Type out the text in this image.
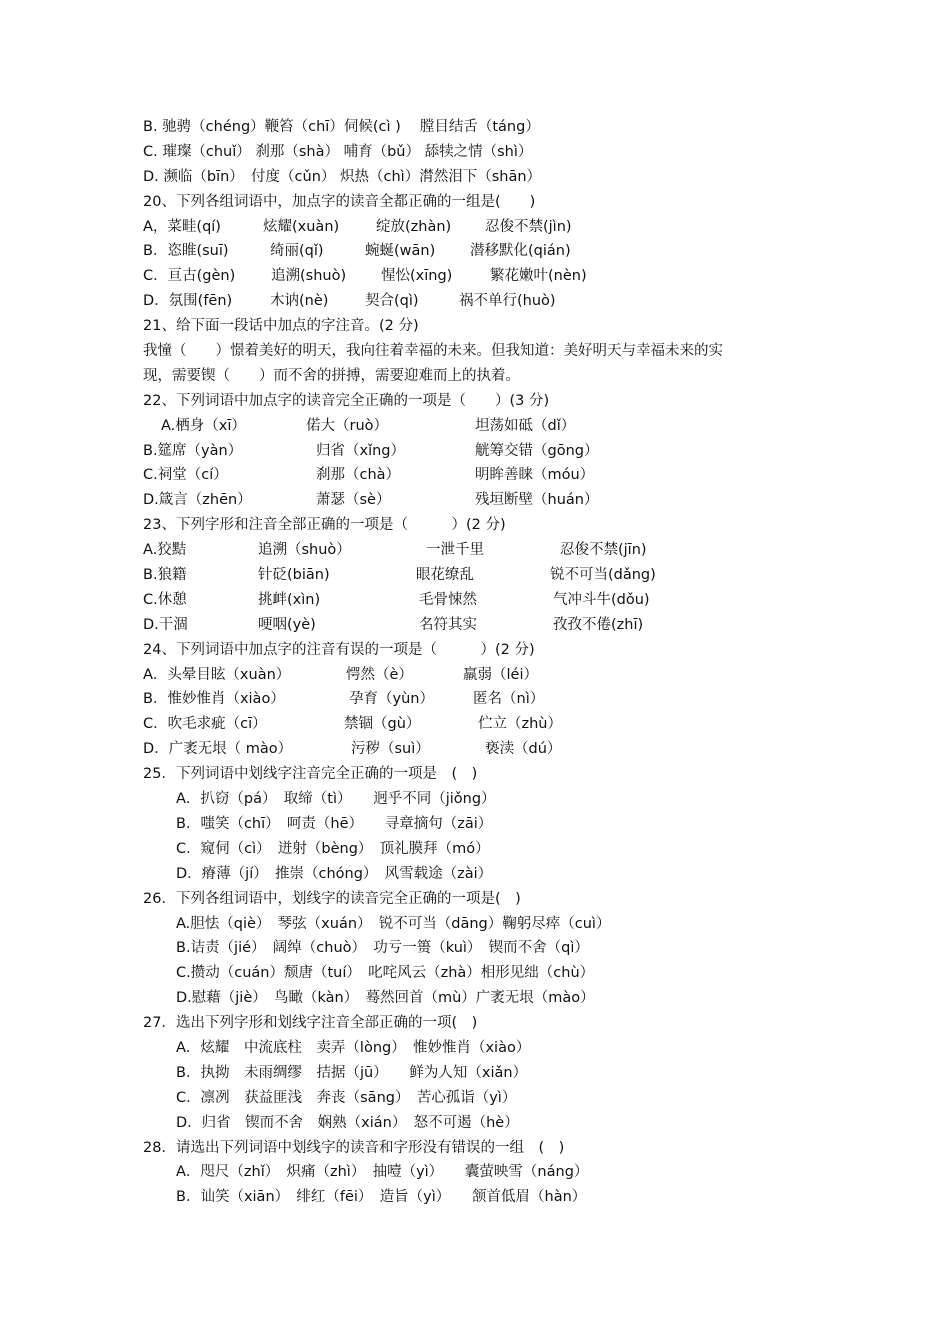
B. 驰骋（chéng）鞭笞（chī）伺候(cì )　 膛目结舌（táng）
C. 璀璨（chuǐ） 刹那（shà） 哺育（bǔ） 舔犊之情（shì）
D. 濒临（bīn）　付度（cǔn） 炽热（chì）潸然泪下（shān）
20、下列各组词语中，加点字的读音全都正确的一组是(　　)
A，菜畦(qí)	炫耀(xuàn)	绽放(zhàn) 忍俊不禁(jìn)
B．恣睢(suī)	绮丽(qǐ)	蜿蜒(wān) 潜移默化(qián)
C．亘古(gèn) 追溯(shuò) 惺忪(xīng)	繁花嫩叶(nèn)
D．氛围(fēn)	木讷(nè)	契合(qì)	祸不单行(huò)
21、给下面一段话中加点的字注音。(2 分)
我憧（　　）憬着美好的明天，我向往着幸福的未来。但我知道：美好明天与幸福未来的实
现，需要锲（　　）而不舍的拼搏，需要迎难而上的执着。
22、下列词语中加点字的读音完全正确的一项是（　　）(3 分)
A.栖身（xī）	偌大（ruò）	坦荡如砥（dǐ）
B.筵席（yàn）	归省（xǐng）	觥筹交错（gōng）
C.祠堂（cí）	刹那（chà）	明眸善睐（móu）
D.箴言（zhēn）	萧瑟（sè）	残垣断壁（huán）
23、下列字形和注音全部正确的一项是（　　　）(2 分)
A.狡黠	追溯（shuò）	一泄千里	忍俊不禁(jīn)
B.狼籍	针砭(biān)	眼花缭乱	锐不可当(dǎng)
C.休憩	挑衅(xìn)	毛骨悚然	气冲斗牛(dǒu)
D.干涸	哽咽(yè)	名符其实	孜孜不倦(zhī)
24、下列词语中加点字的注音有误的一项是（　　　）(2 分)
A．头晕目眩（xuàn）	愕然（è）	羸弱（léi）
B．惟妙惟肖（xiào）	孕育（yùn）	匿名（nì）
C．吹毛求疵（cī）	禁锢（gù）	伫立（zhù）
D．广袤无垠（ mào）	污秽（suì）	亵渎（dú）
25．下列词语中划线字注音完全正确的一项是　(　)
A．扒窃（pá）　取缔（tì）　　迥乎不同（jiǒng）
B．嗤笑（chī）　呵责（hē）　　寻章摘句（zāi）
C．窥伺（cì）　迸射（bèng）　顶礼膜拜（mó）
D．瘠薄（jí）　推崇（chóng）　风雪载途（zài）
26．下列各组词语中，划线字的读音完全正确的一项是(　)
A.胆怯（qiè）　琴弦（xuán）　锐不可当（dāng）鞠躬尽瘁（cuì）
B.诘责（jié）　阔绰（chuò）　功亏一篑（kuì）　锲而不舍（qì）
C.攒动（cuán）颓唐（tuí）　叱咤风云（zhà）相形见绌（chù）
D.慰藉（jiè）　鸟瞰（kàn）　蓦然回首（mù）广袤无垠（mào）
27．选出下列字形和划线字注音全部正确的一项(　)
A．炫耀　中流底柱　卖弄（lòng）　惟妙惟肖（xiào）
B．执拗　未雨绸缪　拮据（jū）　　鲜为人知（xiǎn）
C．凛冽　获益匪浅　奔丧（sāng）　苦心孤诣（yì）
D．归省　锲而不舍　娴熟（xián）　怒不可遏（hè）
28．请选出下列词语中划线字的读音和字形没有错误的一组　(　)
A．咫尺（zhǐ）　炽痛（zhì）　抽噎（yì）　　囊萤映雪（náng）
B．讪笑（xiān）　绯红（fēi）　造旨（yì）　　颔首低眉（hàn）
